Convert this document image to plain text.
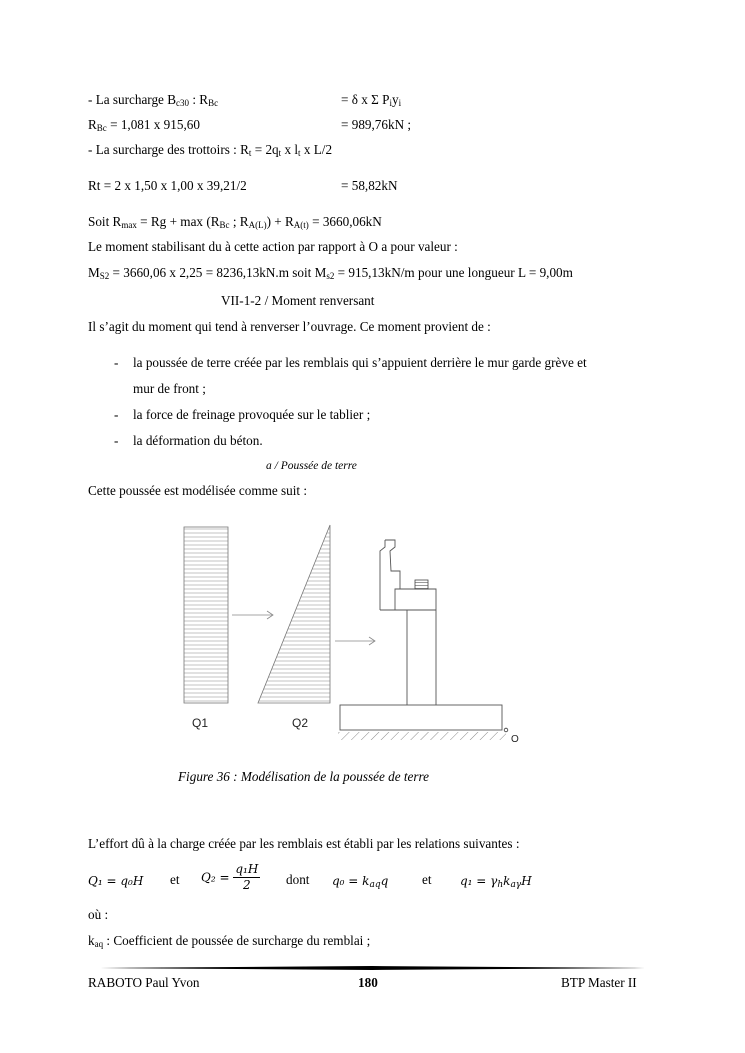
- La surcharge $B_{c30}$ : $R_{Bc}$	= δ x Σ $P_iy_i$
$R_{Bc} = 1,081$ x 915,60	= 989,76kN ;
- La surcharge des trottoirs : $R_t = 2q_t$ x $l_t$ x L/2
Rt = 2 x 1,50 x 1,00 x 39,21/2	= 58,82kN
Soit $R_{max} = Rg + \max (R_{Bc}$ ; $R_{A(L)}) + R_{A(t)} = 3660,06kN$
Le moment stabilisant du à cette action par rapport à O a pour valeur :
$M_{S2} = 3660,06$ x 2,25 = 8236,13kN.m soit $M_{s2} = 915,13kN/m$ pour une longueur L = 9,00m
VII-1-2 / Moment renversant
Il s’agit du moment qui tend à renverser l’ouvrage. Ce moment provient de :
- la poussée de terre créée par les remblais qui s’appuient derrière le mur garde grève et
mur de front ;
- la force de freinage provoquée sur le tablier ;
- la déformation du béton.
a / Poussée de terre
Cette poussée est modélisée comme suit :
Q1	Q2
O
Figure 36 : Modélisation de la poussée de terre
L’effort dû à la charge créée par les remblais est établi par les relations suivantes :
Q₁ = q₀H et $Q_2 = \frac{\text{q₁H}}{2}$ dont $q_0 = k_{aq}q$	et $q_1 = \gamma_hk_{a\gamma}H$
où :
$k_{aq}$ : Coefficient de poussée de surcharge du remblai ;
RABOTO Paul Yvon	180	BTP Master II
